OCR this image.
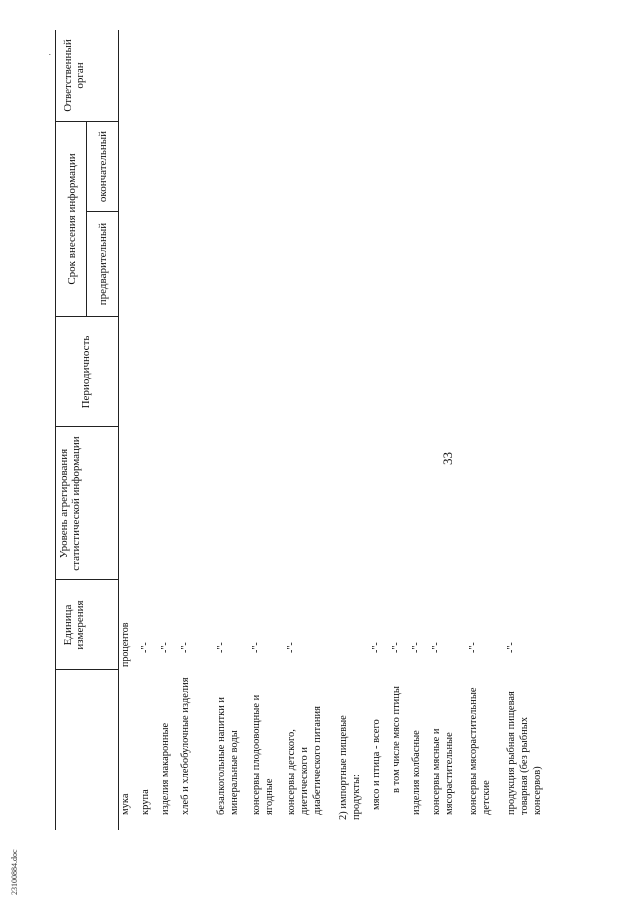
'
33
Единица измерения
Уровень агрегирования статистической информации
Периодичность
Срок внесения информации предварительный
окончательный
Ответственный орган
мука
процентов
крупа
-"-
изделия макаронные
-"-
хлеб и хлебобулочные изделия
-"-
безалкогольные напитки и минеральные воды
-"-
консервы плодоовощные и ягодные
-"-
консервы детского, диетического и диабетического питания
-"-
2) импортные пищевые продукты: мясо и птица - всего
-"-
в том числе мясо птицы
-"-
изделия колбасные
-"-
консервы мясные и мясорастительные
-"-
консервы мясорастительные детские
-"-
продукция рыбная пищевая товарная (без рыбных консервов)
-"-
23100884.doc
